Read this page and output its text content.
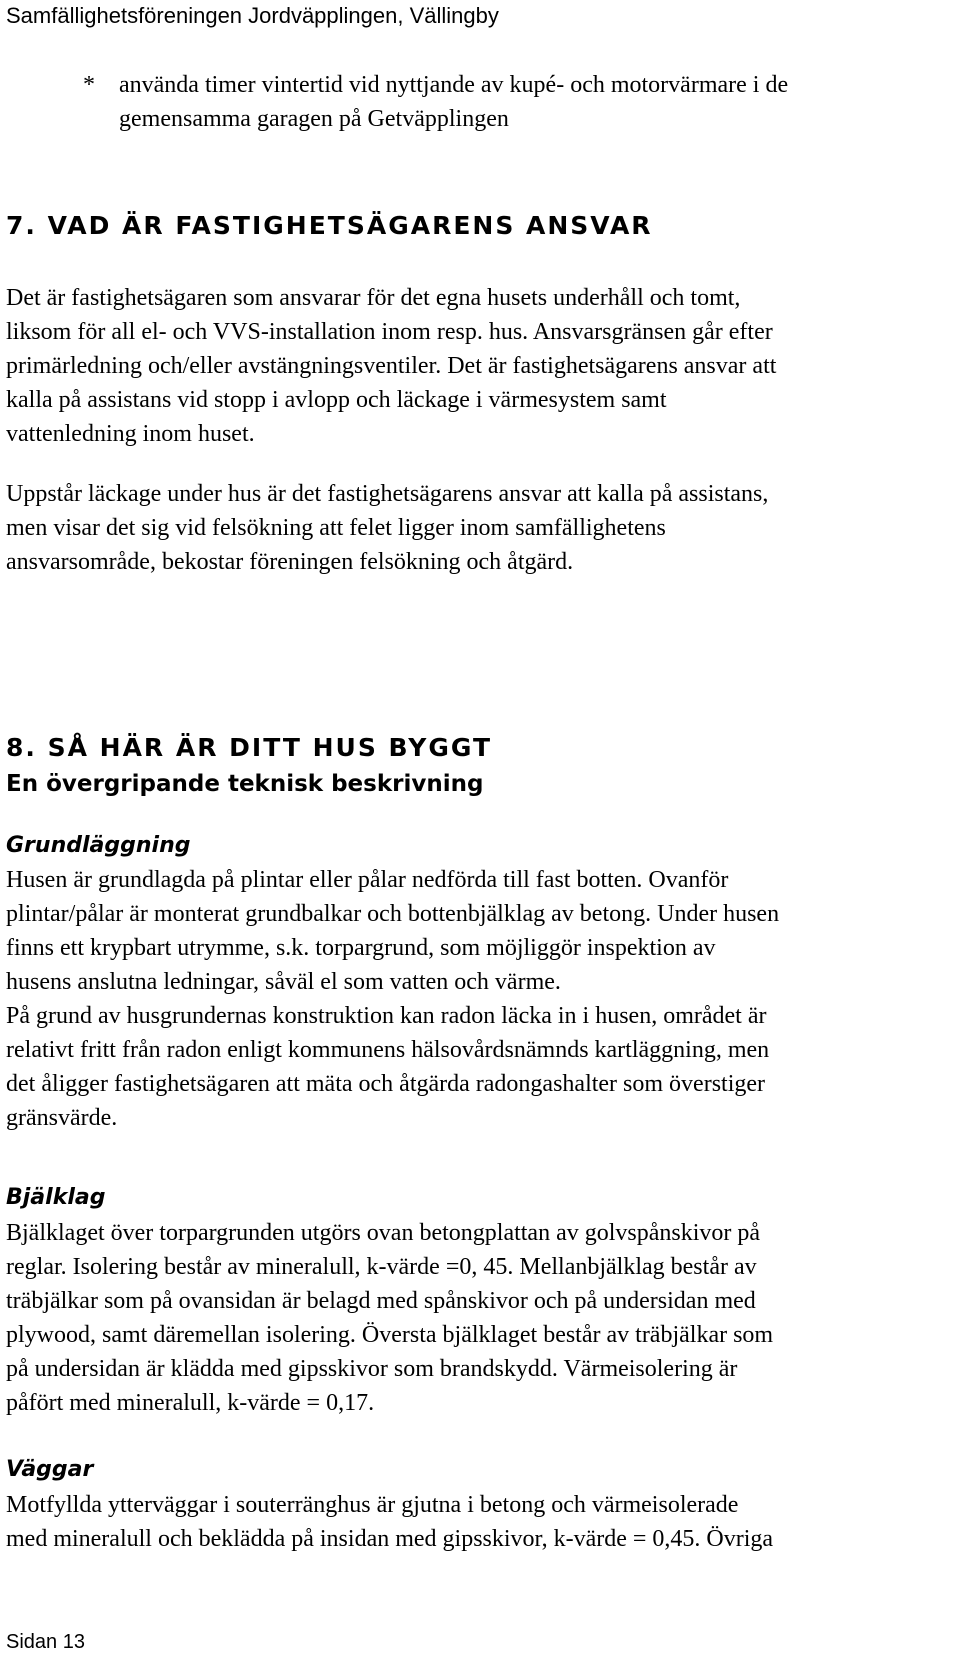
Samfällighetsföreningen Jordväpplingen, Vällingby
* använda timer vintertid vid nyttjande av kupé- och motorvärmare i de

gemensamma garagen på Getväpplingen

7. VAD ÄR FASTIGHETSÄGARENS ANSVAR

Det är fastighetsägaren som ansvarar för det egna husets underhåll och tomt,

liksom för all el- och VVS-installation inom resp. hus. Ansvarsgränsen går efter

primärledning och/eller avstängningsventiler. Det är fastighetsägarens ansvar att

kalla på assistans vid stopp i avlopp och läckage i värmesystem samt

vattenledning inom huset.

Uppstår läckage under hus är det fastighetsägarens ansvar att kalla på assistans,

men visar det sig vid felsökning att felet ligger inom samfällighetens

ansvarsområde, bekostar föreningen felsökning och åtgärd.

8. SÅ HÄR ÄR DITT HUS BYGGT
En övergripande teknisk beskrivning
Grundläggning

Husen är grundlagda på plintar eller pålar nedförda till fast botten. Ovanför

plintar/pålar är monterat grundbalkar och bottenbjälklag av betong. Under husen

finns ett krypbart utrymme, s.k. torpargrund, som möjliggör inspektion av

husens anslutna ledningar, såväl el som vatten och värme.

På grund av husgrundernas konstruktion kan radon läcka in i husen, området är

relativt fritt från radon enligt kommunens hälsovårdsnämnds kartläggning, men

det åligger fastighetsägaren att mäta och åtgärda radongashalter som överstiger

gränsvärde.

Bjälklag

Bjälklaget över torpargrunden utgörs ovan betongplattan av golvspånskivor på

reglar. Isolering består av mineralull, k-värde =0, 45. Mellanbjälklag består av

träbjälkar som på ovansidan är belagd med spånskivor och på undersidan med

plywood, samt däremellan isolering. Översta bjälklaget består av träbjälkar som

på undersidan är klädda med gipsskivor som brandskydd. Värmeisolering är

påfört med mineralull, k-värde = 0,17.

Väggar

Motfyllda ytterväggar i souterränghus är gjutna i betong och värmeisolerade

med mineralull och beklädda på insidan med gipsskivor, k-värde = 0,45. Övriga

Sidan 13
